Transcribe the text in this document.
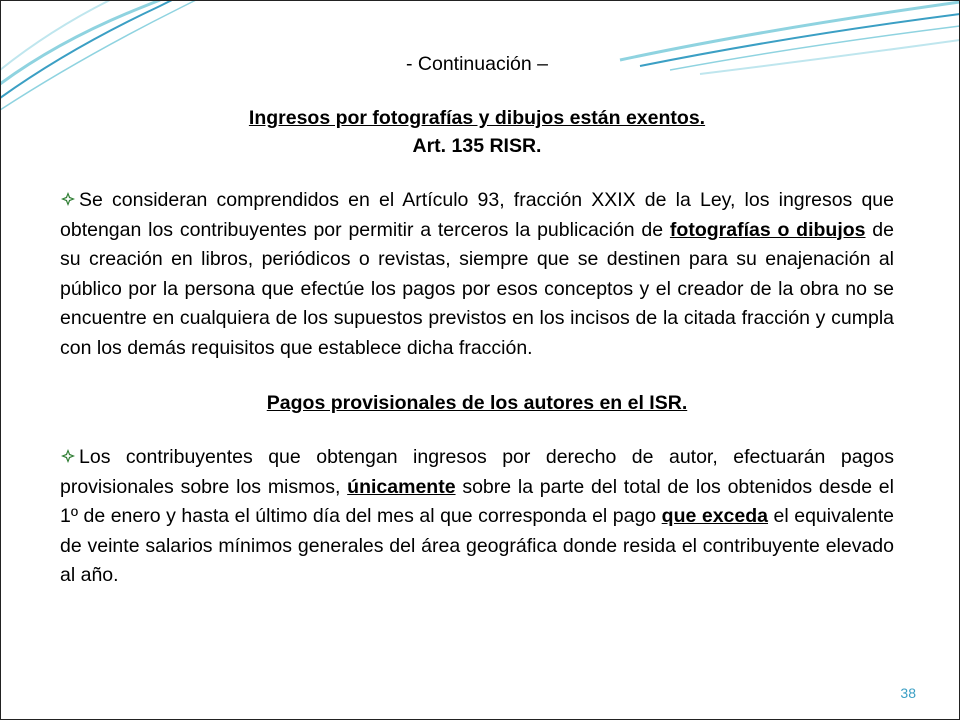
- Continuación –

Ingresos por fotografías y dibujos están exentos.

Art. 135 RISR.

Se consideran comprendidos en el Artículo 93, fracción XXIX de la Ley, los ingresos que obtengan los contribuyentes por permitir a terceros la publicación de fotografías o dibujos de su creación en libros, periódicos o revistas, siempre que se destinen para su enajenación al público por la persona que efectúe los pagos por esos conceptos y el creador de la obra no se encuentre en cualquiera de los supuestos previstos en los incisos de la citada fracción y cumpla con los demás requisitos que establece dicha fracción.

Pagos provisionales de los autores en el ISR.

Los contribuyentes que obtengan ingresos por derecho de autor, efectuarán pagos provisionales sobre los mismos, únicamente sobre la parte del total de los obtenidos desde el 1º de enero y hasta el último día del mes al que corresponda el pago que exceda el equivalente de veinte salarios mínimos generales del área geográfica donde resida el contribuyente elevado al año.

38
